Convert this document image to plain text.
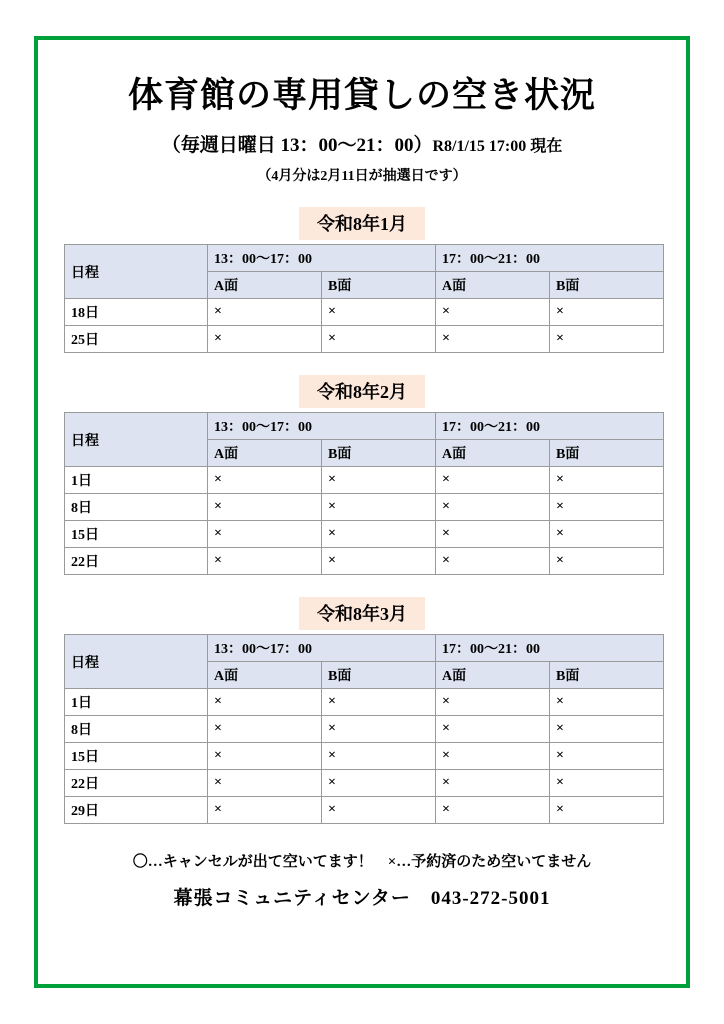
体育館の専用貸しの空き状況
（毎週日曜日 13：00〜21：00）R8/1/15 17:00 現在
（4月分は2月11日が抽選日です）
令和8年1月
日程	13：00〜17：00		17：00〜21：00	
	A面	B面	A面	B面
18日	×	×	×	×
25日	×	×	×	×
令和8年2月
日程	13：00〜17：00		17：00〜21：00	
	A面	B面	A面	B面
1日	×	×	×	×
8日	×	×	×	×
15日	×	×	×	×
22日	×	×	×	×
令和8年3月
日程	13：00〜17：00		17：00〜21：00	
	A面	B面	A面	B面
1日	×	×	×	×
8日	×	×	×	×
15日	×	×	×	×
22日	×	×	×	×
29日	×	×	×	×
〇…キャンセルが出て空いてます！　×…予約済のため空いてません
幕張コミュニティセンター　043-272-5001
